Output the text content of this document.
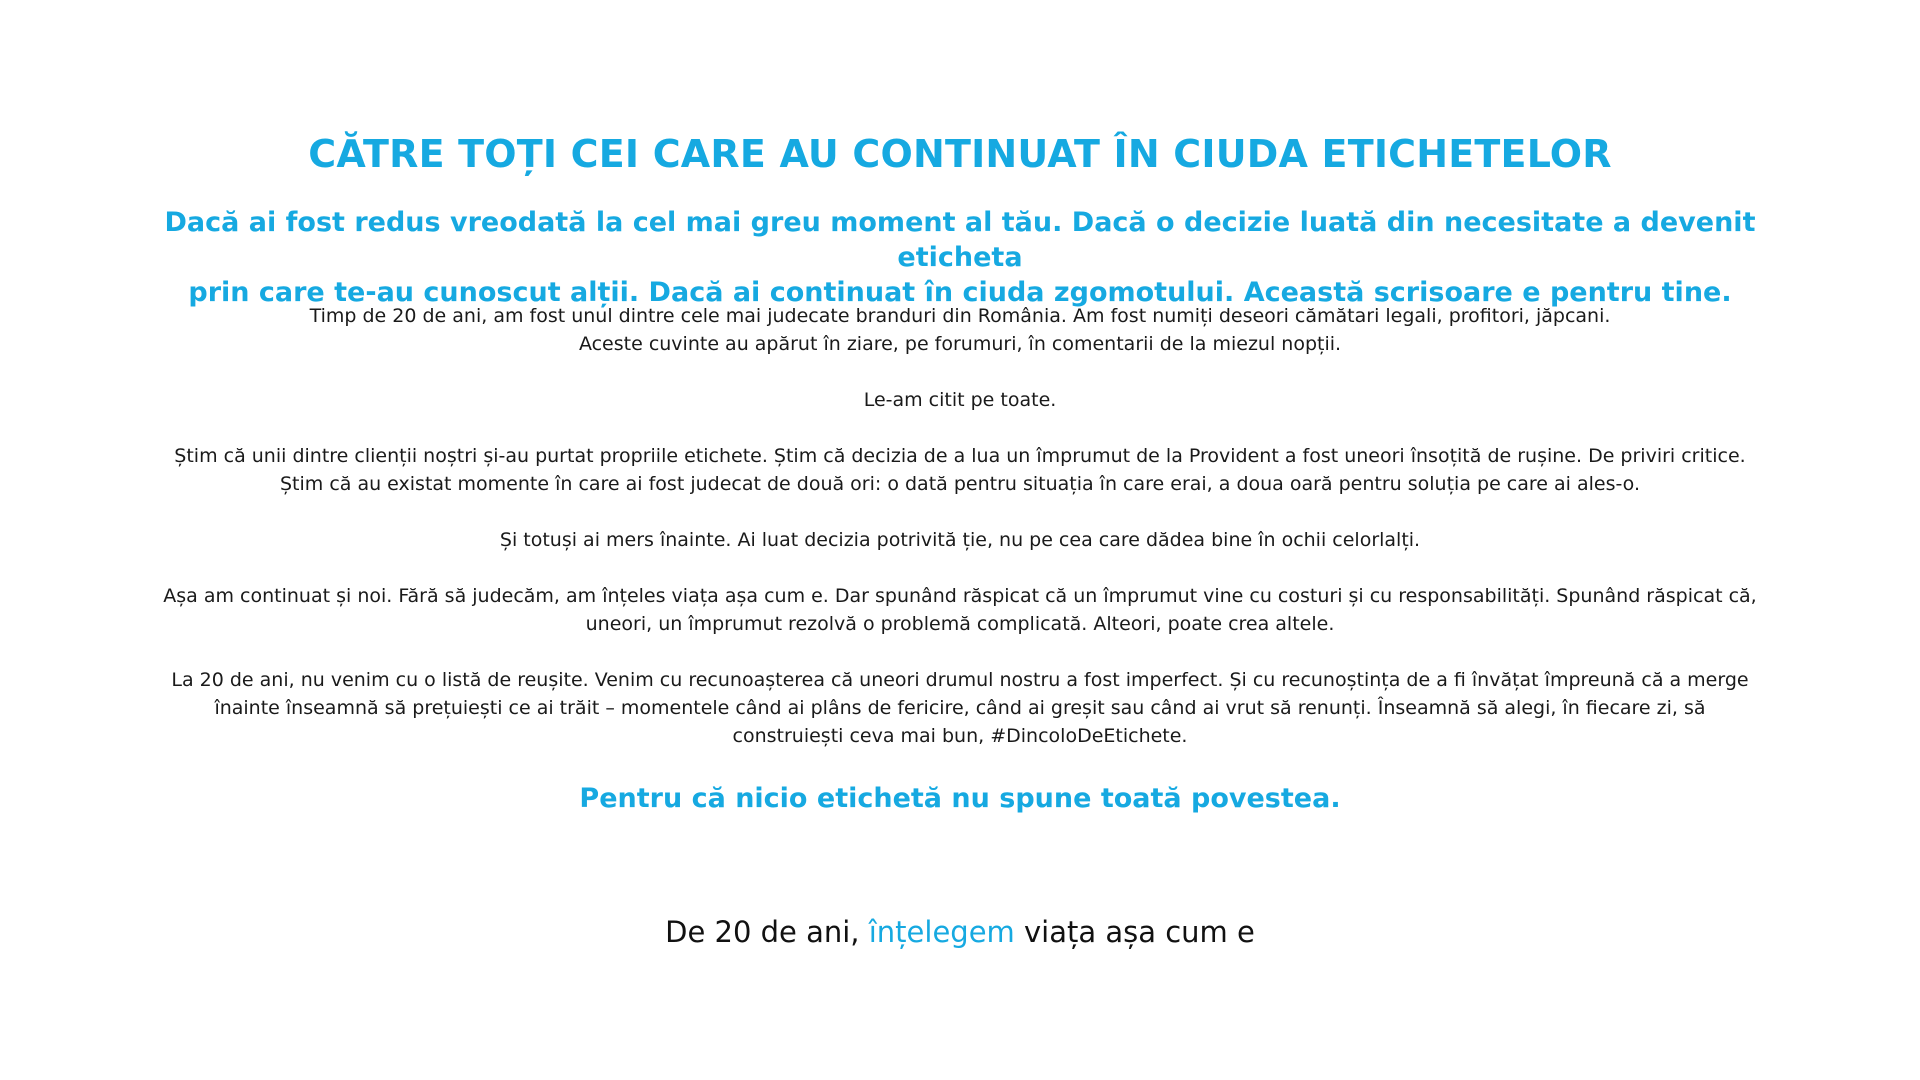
CĂTRE TOȚI CEI CARE AU CONTINUAT ÎN CIUDA ETICHETELOR
Dacă ai fost redus vreodată la cel mai greu moment al tău. Dacă o decizie luată din necesitate a devenit eticheta
prin care te-au cunoscut alții. Dacă ai continuat în ciuda zgomotului. Această scrisoare e pentru tine.

Timp de 20 de ani, am fost unul dintre cele mai judecate branduri din România. Am fost numiți deseori cămătari legali, profitori, jăpcani.
Aceste cuvinte au apărut în ziare, pe forumuri, în comentarii de la miezul nopții.

Le-am citit pe toate.

Știm că unii dintre clienții noștri și-au purtat propriile etichete. Știm că decizia de a lua un împrumut de la Provident a fost uneori însoțită de rușine. De priviri critice. Știm că au existat momente în care ai fost judecat de două ori: o dată pentru situația în care erai, a doua oară pentru soluția pe care ai ales-o.

Și totuși ai mers înainte. Ai luat decizia potrivită ție, nu pe cea care dădea bine în ochii celorlalți.

Așa am continuat și noi. Fără să judecăm, am înțeles viața așa cum e. Dar spunând răspicat că un împrumut vine cu costuri și cu responsabilități. Spunând răspicat că, uneori, un împrumut rezolvă o problemă complicată. Alteori, poate crea altele.

La 20 de ani, nu venim cu o listă de reușite. Venim cu recunoașterea că uneori drumul nostru a fost imperfect. Și cu recunoștința de a fi învățat împreună că a merge înainte înseamnă să prețuiești ce ai trăit – momentele când ai plâns de fericire, când ai greșit sau când ai vrut să renunți. Înseamnă să alegi, în fiecare zi, să construiești ceva mai bun, #DincoloDeEtichete.

Pentru că nicio etichetă nu spune toată povestea.
De 20 de ani, înțelegem viața așa cum e
